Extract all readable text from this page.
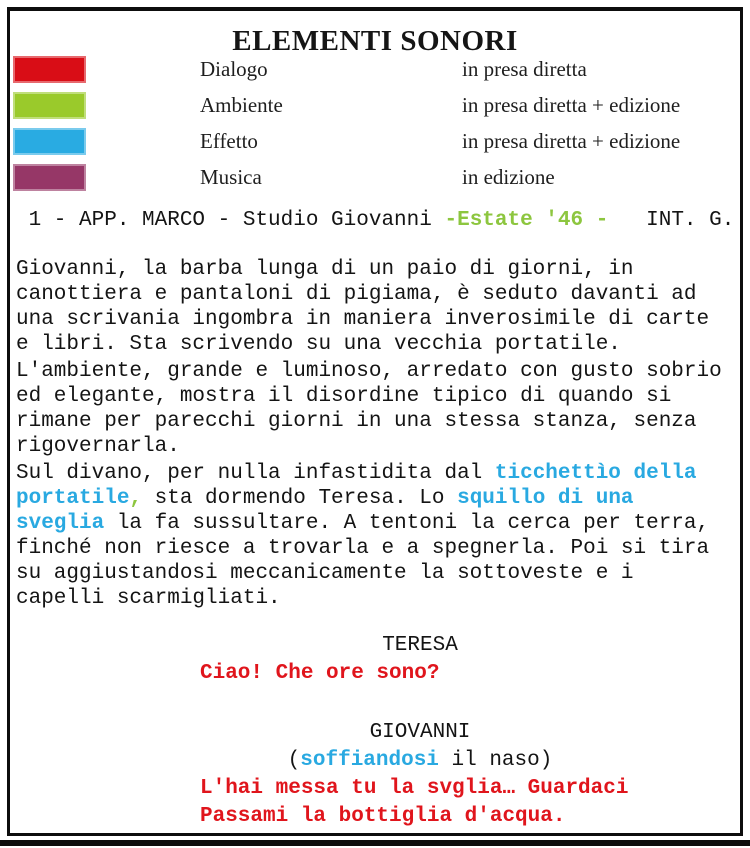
ELEMENTI SONORI
Dialogo	in presa diretta
Ambiente	in presa diretta + edizione
Effetto	in presa diretta + edizione
Musica	in edizione
1 - APP. MARCO - Studio Giovanni -Estate '46 -   INT. G.

Giovanni, la barba lunga di un paio di giorni, in canottiera e pantaloni di pigiama, è seduto davanti ad una scrivania ingombra in maniera inverosimile di carte e libri. Sta scrivendo su una vecchia portatile.

L'ambiente, grande e luminoso, arredato con gusto sobrio ed elegante, mostra il disordine tipico di quando si rimane per parecchi giorni in una stessa stanza, senza rigovernarla.

Sul divano, per nulla infastidita dal ticchettìo della portatile, sta dormendo Teresa. Lo squillo di una sveglia la fa sussultare. A tentoni la cerca per terra, finché non riesce a trovarla e a spegnerla. Poi si tira su aggiustandosi meccanicamente la sottoveste e i capelli scarmigliati.

TERESA
Ciao! Che ore sono?
GIOVANNI
(soffiandosi il naso)
L'hai messa tu la svglia… Guardaci
Passami la bottiglia d'acqua.
